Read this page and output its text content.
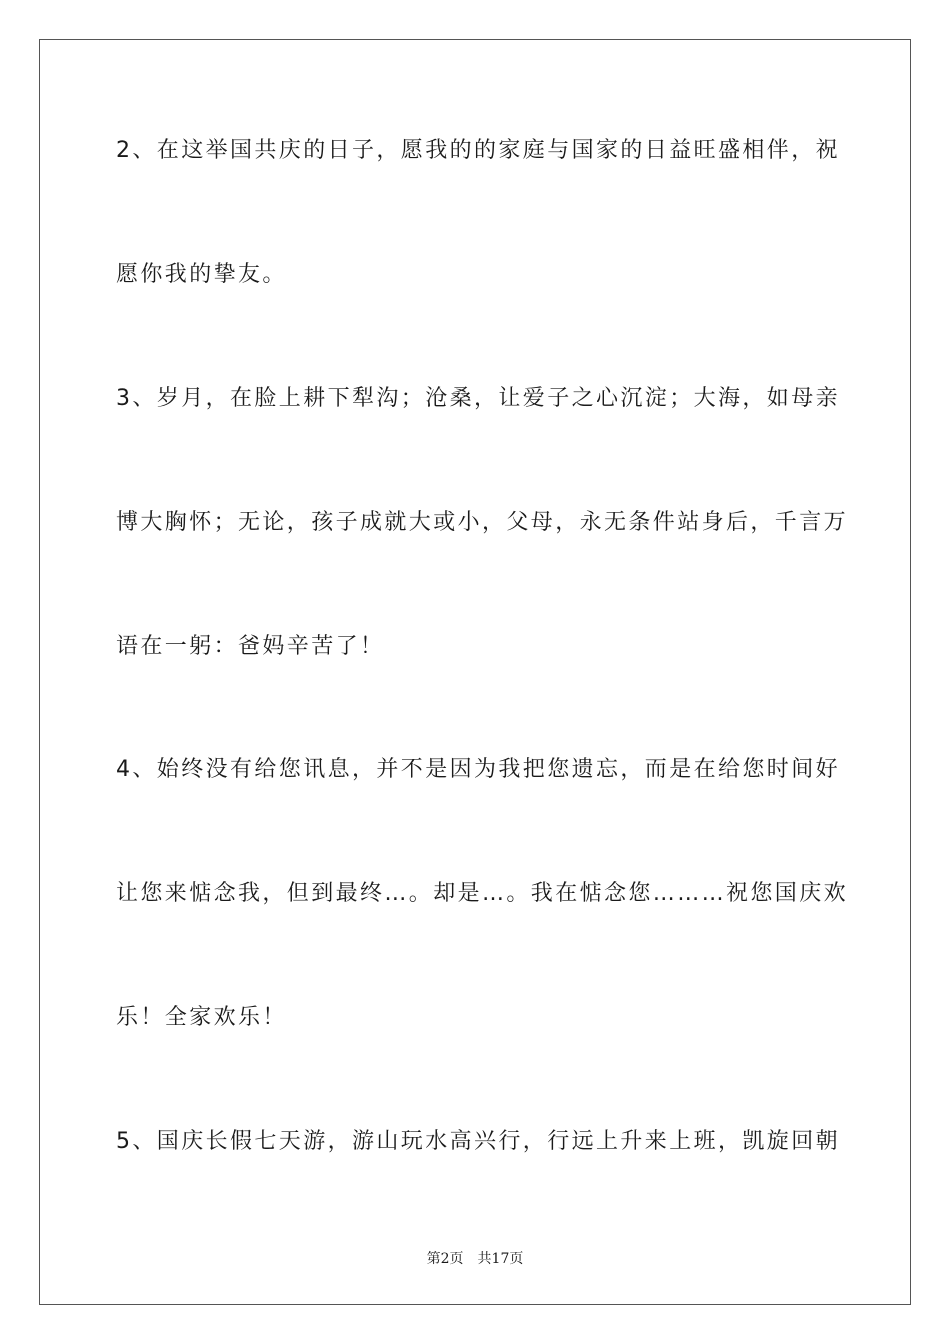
2、在这举国共庆的日子，愿我的的家庭与国家的日益旺盛相伴，祝
愿你我的挚友。
3、岁月，在脸上耕下犁沟；沧桑，让爱子之心沉淀；大海，如母亲
博大胸怀；无论，孩子成就大或小，父母，永无条件站身后，千言万
语在一躬：爸妈辛苦了！
4、始终没有给您讯息，并不是因为我把您遗忘，而是在给您时间好
让您来惦念我，但到最终…。却是…。我在惦念您………祝您国庆欢
乐！全家欢乐！
5、国庆长假七天游，游山玩水高兴行，行远上升来上班，凯旋回朝
第2页 共17页
